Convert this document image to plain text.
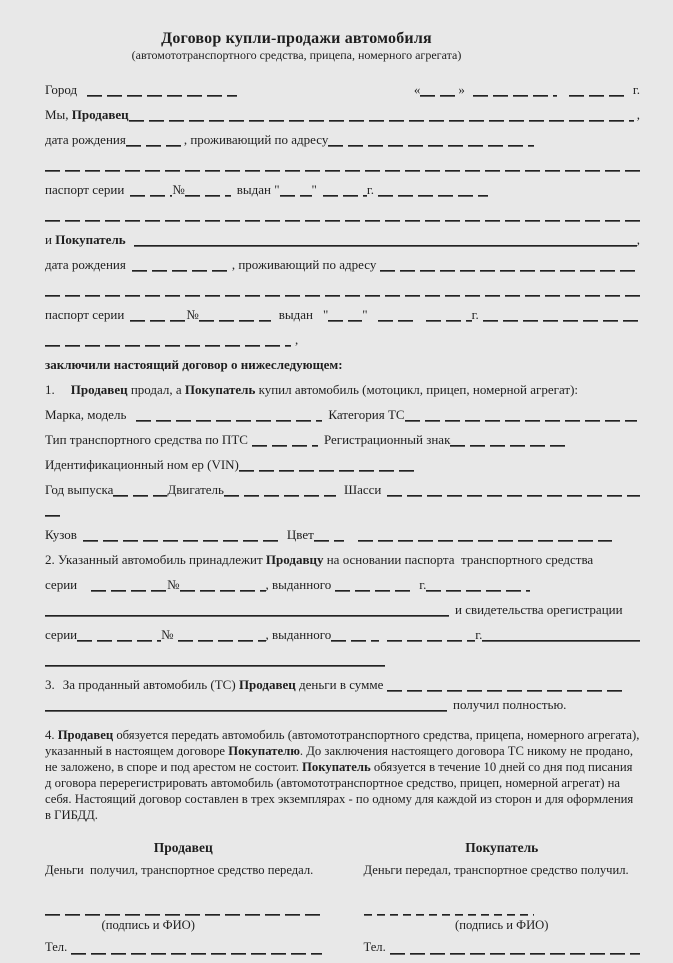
Договор купли-продажи автомобиля
(автомототранспортного средства, прицепа, номерного агрегата)
Город	«	»	г.
Мы, Продавец	,
дата рождения	, проживающий по адресу
паспорт серии	№	выдан " "	г.
и Покупатель	,
дата рождения	, проживающий по адресу
паспорт серии	№	выдан "	"	г.
,
заключили настоящий договор о нижеследующем:
1. Продавец продал, а Покупатель купил автомобиль (мотоцикл, прицеп, номерной агрегат):
Марка, модель	Категория ТС
Тип транспортного средства по ПТС	Регистрационный знак
Идентификационный ном ер (VIN)
Год выпуска	Двигатель	Шасси
Кузов	Цвет
2. Указанный автомобиль принадлежит Продавцу на основании паспорта  транспортного средства
серии	№	, выданного	г.
и свидетельства орегистрации
серии	№	, выданного	г.
3. За проданный автомобиль (ТС) Продавец деньги в сумме
получил полностью.

4. Продавец обязуется передать автомобиль (автомототранспортного средства, прицепа, номерного агрегата), указанный в настоящем договоре Покупателю. До заключения настоящего договора ТС никому не продано, не заложено, в споре и под арестом не состоит. Покупатель обязуется в течение 10 дней со дня под писания д оговора перерегистрировать автомобиль (автомототранспортное средство, прицеп, номерной агрегат) на себя. Настоящий договор составлен в трех экземплярах - по одному для каждой из сторон и для оформления в ГИБДД.

Продавец
Деньги  получил, транспортное средство передал.
(подпись и ФИО)
Тел.
Покупатель
Деньги передал, транспортное средство получил.
(подпись и ФИО)
Тел.
